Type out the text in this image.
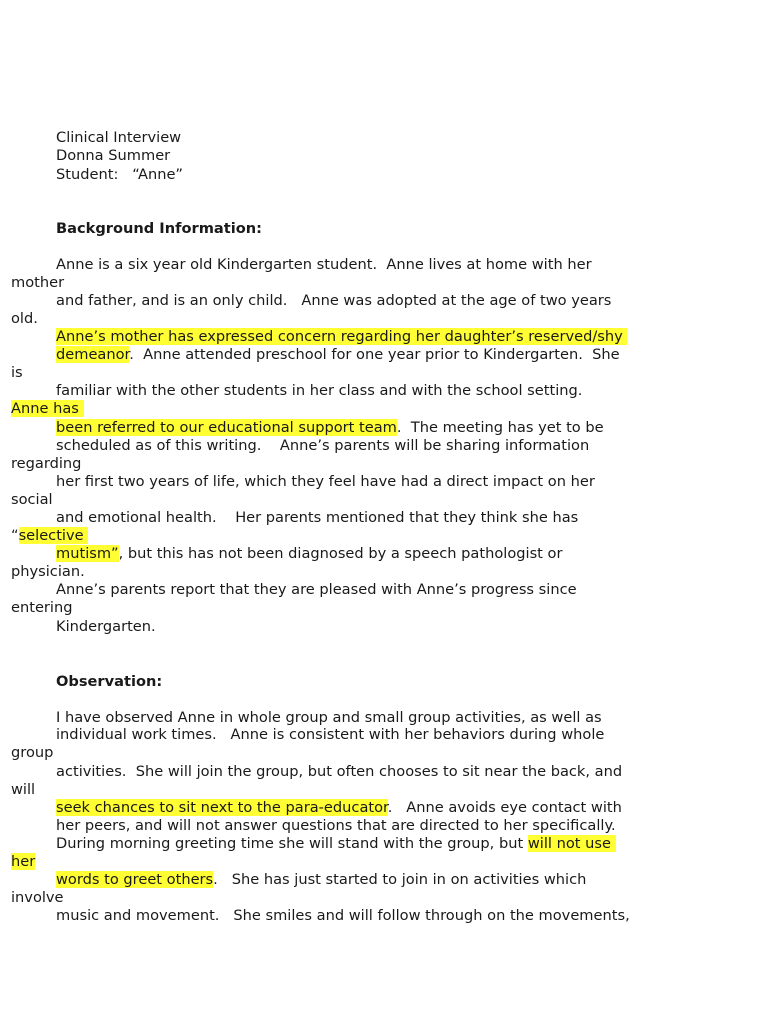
Clinical Interview
Donna Summer
Student:   “Anne”
Background Information:
Anne is a six year old Kindergarten student.  Anne lives at home with her
mother
and father, and is an only child.   Anne was adopted at the age of two years
old.
Anne’s mother has expressed concern regarding her daughter’s reserved/shy
demeanor.  Anne attended preschool for one year prior to Kindergarten.  She
is
familiar with the other students in her class and with the school setting.
Anne has
been referred to our educational support team.  The meeting has yet to be
scheduled as of this writing.    Anne’s parents will be sharing information
regarding
her first two years of life, which they feel have had a direct impact on her
social
and emotional health.    Her parents mentioned that they think she has
“selective
mutism”, but this has not been diagnosed by a speech pathologist or
physician.
Anne’s parents report that they are pleased with Anne’s progress since
entering
Kindergarten.
Observation:
I have observed Anne in whole group and small group activities, as well as
individual work times.   Anne is consistent with her behaviors during whole
group
activities.  She will join the group, but often chooses to sit near the back, and
will
seek chances to sit next to the para-educator.   Anne avoids eye contact with
her peers, and will not answer questions that are directed to her specifically.
During morning greeting time she will stand with the group, but will not use
her
words to greet others.   She has just started to join in on activities which
involve
music and movement.   She smiles and will follow through on the movements,
